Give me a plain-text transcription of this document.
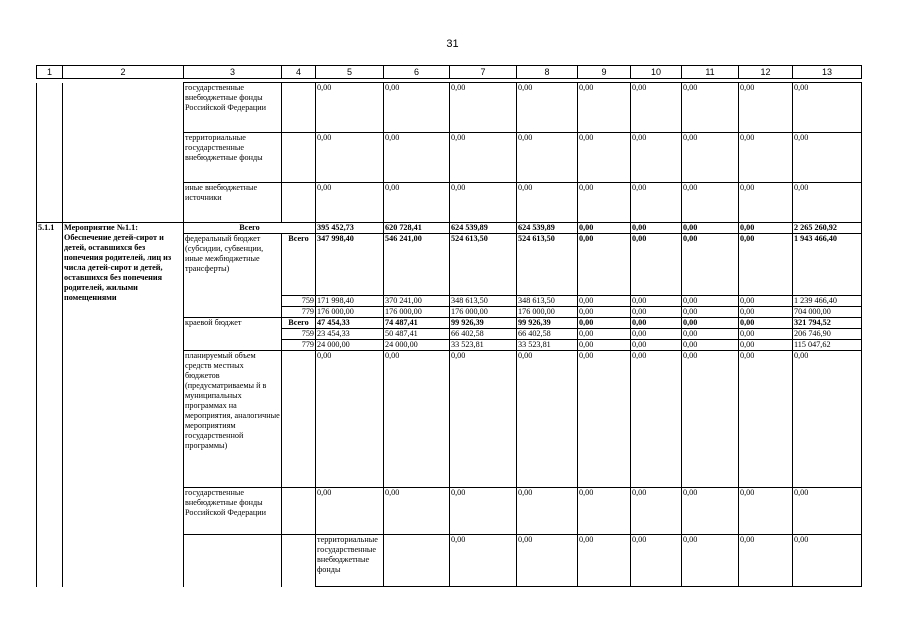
31
1	2	3	4	5	6	7	8	9	10	11	12	13
		государственные внебюджетные фонды Российской Федерации		0,00	0,00	0,00	0,00	0,00	0,00	0,00	0,00	0,00	
		территориальные государственные внебюджетные фонды		0,00	0,00	0,00	0,00	0,00	0,00	0,00	0,00	0,00	
		иные внебюджетные источники		0,00	0,00	0,00	0,00	0,00	0,00	0,00	0,00	0,00	
5.1.1	Мероприятие №1.1: Обеспечение детей-сирот и детей, оставшихся без попечения родителей, лиц из числа детей-сирот и детей, оставшихся без попечения родителей, жилыми помещениями	Всего		395 452,73	620 728,41	624 539,89	624 539,89	0,00	0,00	0,00	0,00	2 265 260,92	
		федеральный бюджет (субсидии, субвенции, иные межбюджетные трансферты)	Всего	347 998,40	546 241,00	524 613,50	524 613,50	0,00	0,00	0,00	0,00	1 943 466,40	
			759	171 998,40	370 241,00	348 613,50	348 613,50	0,00	0,00	0,00	0,00	1 239 466,40	
			779	176 000,00	176 000,00	176 000,00	176 000,00	0,00	0,00	0,00	0,00	704 000,00	
		краевой бюджет	Всего	47 454,33	74 487,41	99 926,39	99 926,39	0,00	0,00	0,00	0,00	321 794,52	
			759	23 454,33	50 487,41	66 402,58	66 402,58	0,00	0,00	0,00	0,00	206 746,90	
			779	24 000,00	24 000,00	33 523,81	33 523,81	0,00	0,00	0,00	0,00	115 047,62	
		планируемый объем средств местных бюджетов (предусматриваемы й в муниципальных программах на мероприятия, аналогичные мероприятиям государственной программы)		0,00	0,00	0,00	0,00	0,00	0,00	0,00	0,00	0,00	
		государственные внебюджетные фонды Российской Федерации		0,00	0,00	0,00	0,00	0,00	0,00	0,00	0,00	0,00	
				территориальные государственные внебюджетные фонды		0,00	0,00	0,00	0,00	0,00	0,00	0,00		
